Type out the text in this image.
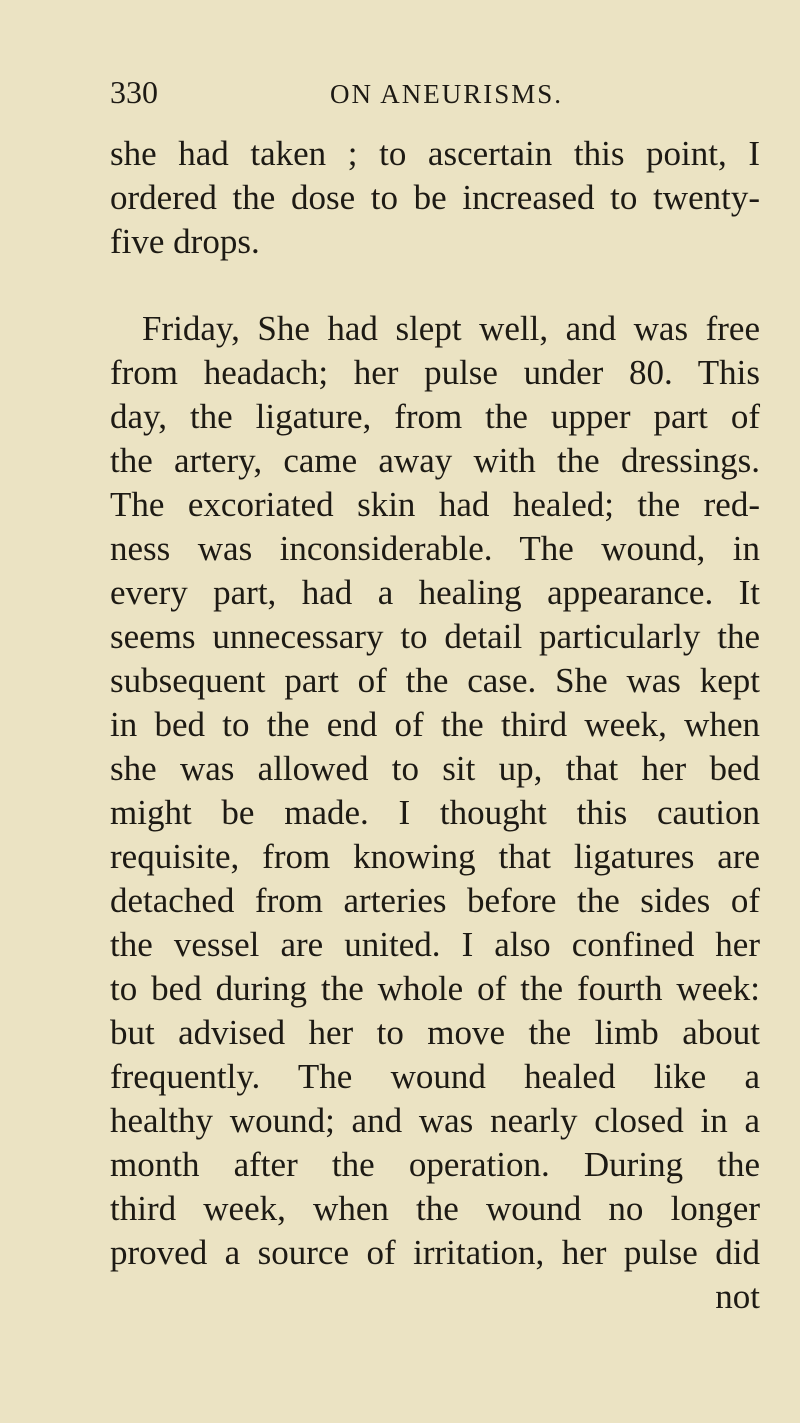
330	ON ANEURISMS.
she had taken ; to ascertain this point, I
ordered the dose to be increased to twenty-
five drops.
Friday, She had slept well, and was free
from headach; her pulse under 80. This
day, the ligature, from the upper part of
the artery, came away with the dressings.
The excoriated skin had healed; the red-
ness was inconsiderable. The wound, in
every part, had a healing appearance. It
seems unnecessary to detail particularly the
subsequent part of the case. She was kept
in bed to the end of the third week, when
she was allowed to sit up, that her bed
might be made. I thought this caution
requisite, from knowing that ligatures are
detached from arteries before the sides of
the vessel are united. I also confined her
to bed during the whole of the fourth week:
but advised her to move the limb about
frequently. The wound healed like a
healthy wound; and was nearly closed in a
month after the operation. During the
third week, when the wound no longer
proved a source of irritation, her pulse did
not
